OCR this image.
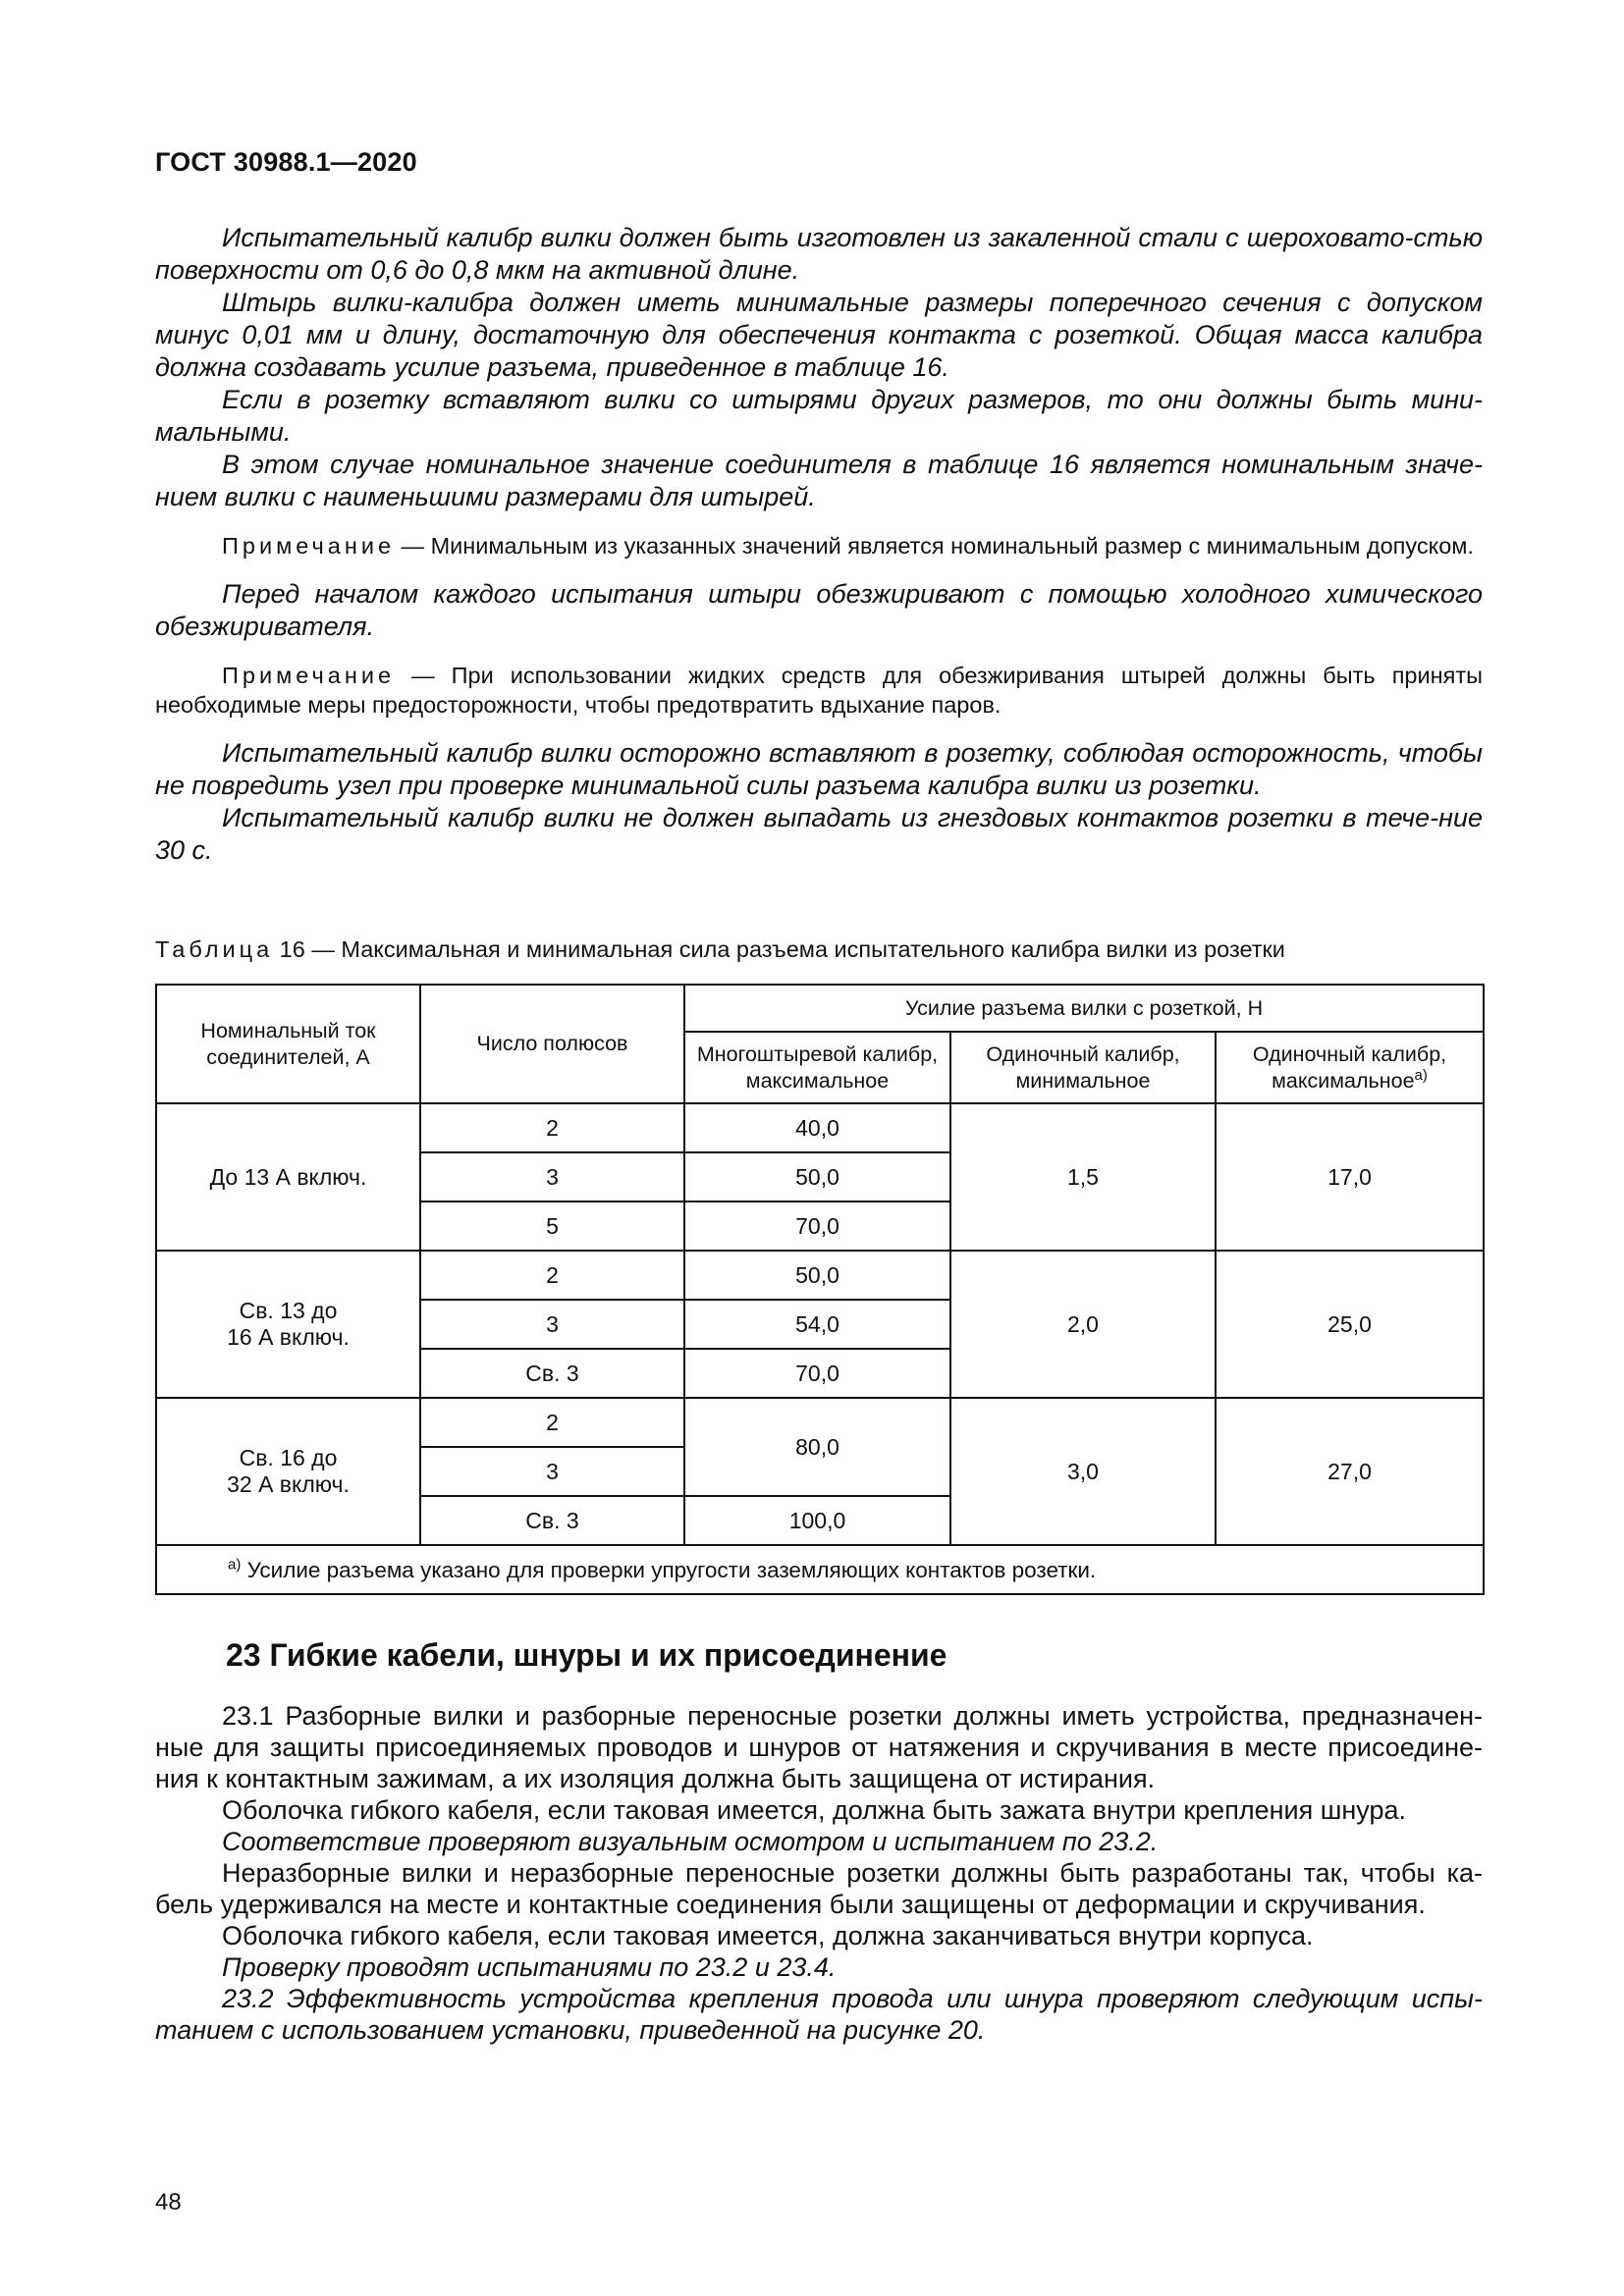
ГОСТ 30988.1—2020

Испытательный калибр вилки должен быть изготовлен из закаленной стали с шероховато-стью поверхности от 0,6 до 0,8 мкм на активной длине.

Штырь вилки-калибра должен иметь минимальные размеры поперечного сечения с допуском минус 0,01 мм и длину, достаточную для обеспечения контакта с розеткой. Общая масса калибра должна создавать усилие разъема, приведенное в таблице 16.

Если в розетку вставляют вилки со штырями других размеров, то они должны быть мини-мальными.

В этом случае номинальное значение соединителя в таблице 16 является номинальным значе-нием вилки с наименьшими размерами для штырей.

Примечание — Минимальным из указанных значений является номинальный размер с минимальным допуском.

Перед началом каждого испытания штыри обезжиривают с помощью холодного химического обезжиривателя.

Примечание — При использовании жидких средств для обезжиривания штырей должны быть приняты необходимые меры предосторожности, чтобы предотвратить вдыхание паров.

Испытательный калибр вилки осторожно вставляют в розетку, соблюдая осторожность, чтобы не повредить узел при проверке минимальной силы разъема калибра вилки из розетки.

Испытательный калибр вилки не должен выпадать из гнездовых контактов розетки в тече-ние 30 с.

Таблица 16 — Максимальная и минимальная сила разъема испытательного калибра вилки из розетки
Номинальный ток соединителей, А	Число полюсов	Усилие разъема вилки с розеткой, Н		
		Многоштыревой калибр, максимальное	Одиночный калибр, минимальное	Одиночный калибр, максимальное$^{а)}$
До 13 А включ.	2	40,0	1,5	17,0
	3	50,0		
	5	70,0		
Св. 13 до
16 А включ.	2	50,0	2,0	25,0
	3	54,0		
	Св. 3	70,0		
Св. 16 до
32 А включ.	2	80,0	3,0	27,0
	3			
	Св. 3	100,0		
$^{а)}$ Усилие разъема указано для проверки упругости заземляющих контактов розетки.				
23 Гибкие кабели, шнуры и их присоединение

23.1 Разборные вилки и разборные переносные розетки должны иметь устройства, предназначен-ные для защиты присоединяемых проводов и шнуров от натяжения и скручивания в месте присоедине-ния к контактным зажимам, а их изоляция должна быть защищена от истирания.

Оболочка гибкого кабеля, если таковая имеется, должна быть зажата внутри крепления шнура.

Соответствие проверяют визуальным осмотром и испытанием по 23.2.

Неразборные вилки и неразборные переносные розетки должны быть разработаны так, чтобы ка-бель удерживался на месте и контактные соединения были защищены от деформации и скручивания.

Оболочка гибкого кабеля, если таковая имеется, должна заканчиваться внутри корпуса.

Проверку проводят испытаниями по 23.2 и 23.4.

23.2 Эффективность устройства крепления провода или шнура проверяют следующим испы-танием с использованием установки, приведенной на рисунке 20.

48
